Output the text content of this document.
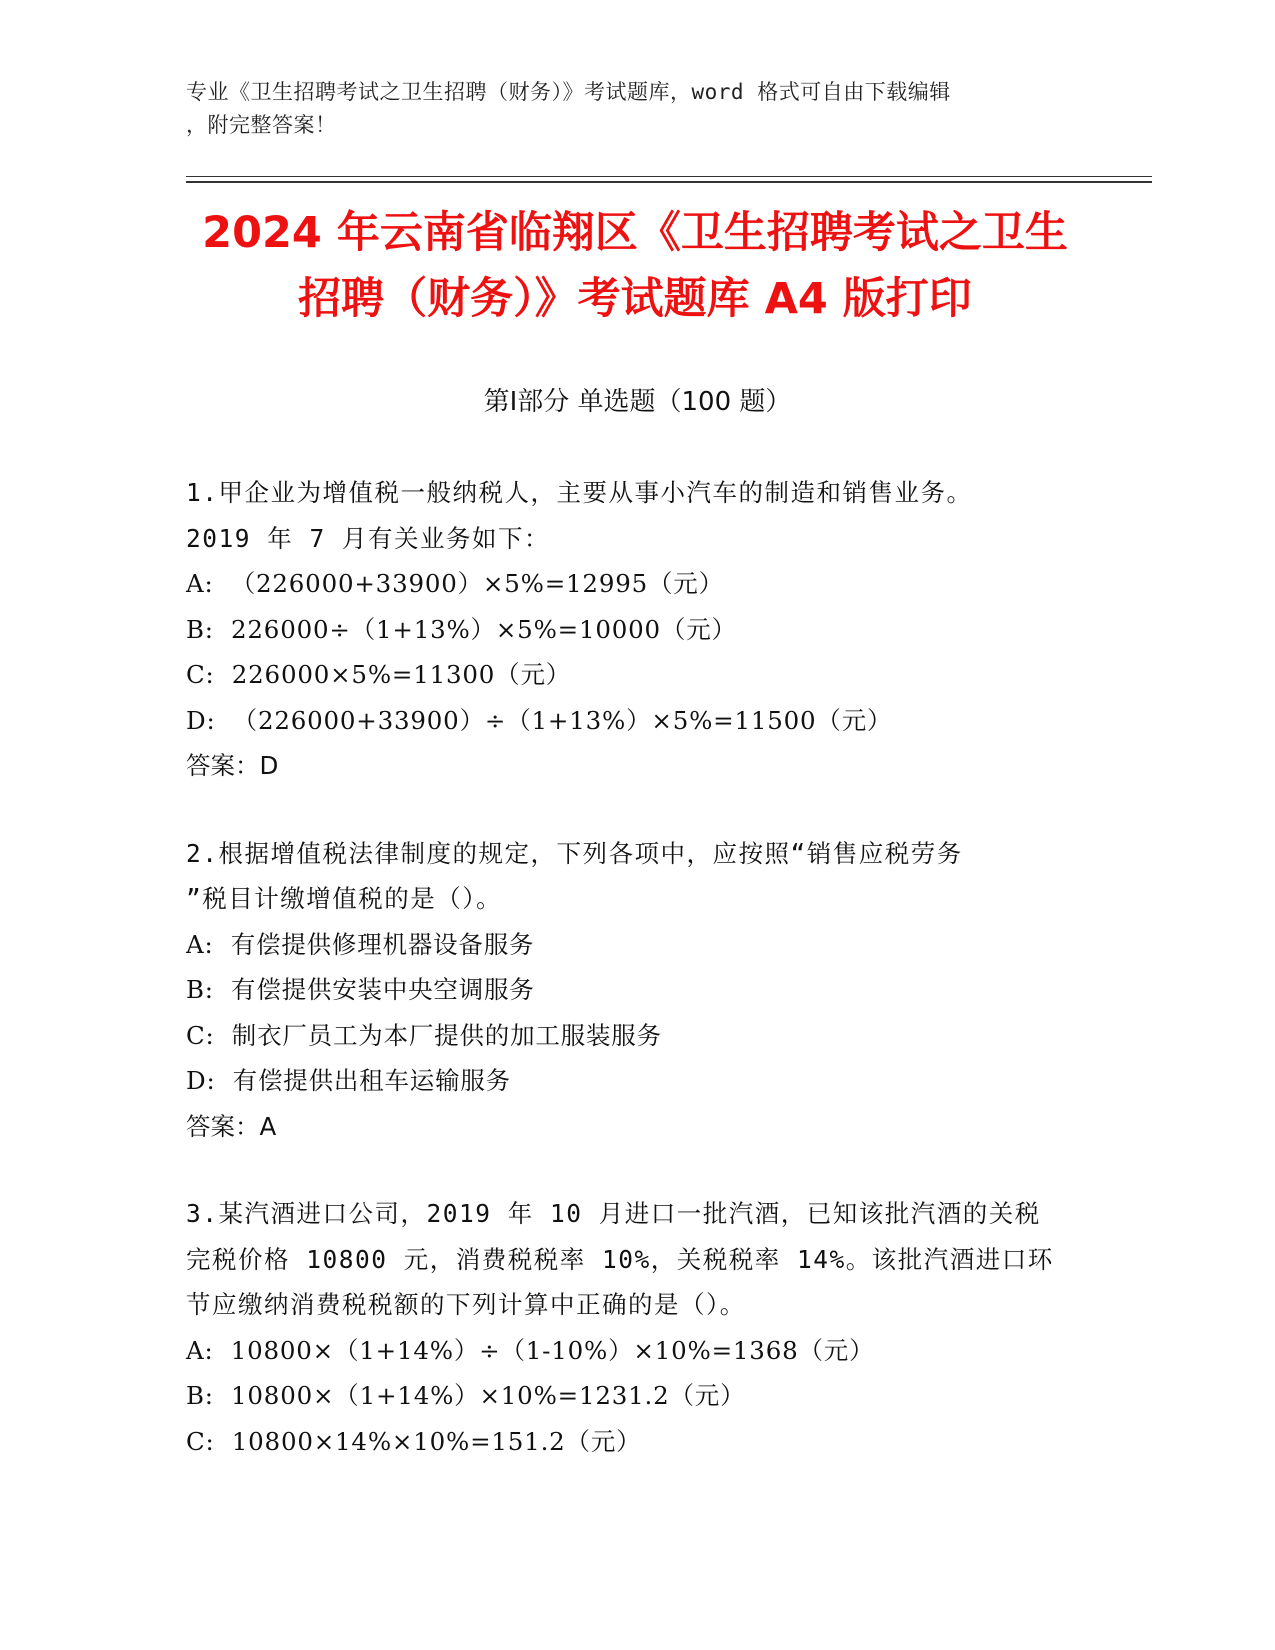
专业《卫生招聘考试之卫生招聘（财务）》考试题库，word 格式可自由下载编辑
，附完整答案！
2024 年云南省临翔区《卫生招聘考试之卫生
招聘（财务）》考试题库 A4 版打印
第Ⅰ部分 单选题（100 题）
1.甲企业为增值税一般纳税人，主要从事小汽车的制造和销售业务。
2019 年 7 月有关业务如下：
A:  （226000+33900）×5%=12995（元）
B:  226000÷（1+13%）×5%=10000（元）
C:  226000×5%=11300（元）
D:  （226000+33900）÷（1+13%）×5%=11500（元）
答案：D
2.根据增值税法律制度的规定，下列各项中，应按照“销售应税劳务
”税目计缴增值税的是（）。
A:  有偿提供修理机器设备服务
B:  有偿提供安装中央空调服务
C:  制衣厂员工为本厂提供的加工服装服务
D:  有偿提供出租车运输服务
答案：A
3.某汽酒进口公司，2019 年 10 月进口一批汽酒，已知该批汽酒的关税
完税价格 10800 元，消费税税率 10%，关税税率 14%。该批汽酒进口环
节应缴纳消费税税额的下列计算中正确的是（）。
A:  10800×（1+14%）÷（1-10%）×10%=1368（元）
B:  10800×（1+14%）×10%=1231.2（元）
C:  10800×14%×10%=151.2（元）
